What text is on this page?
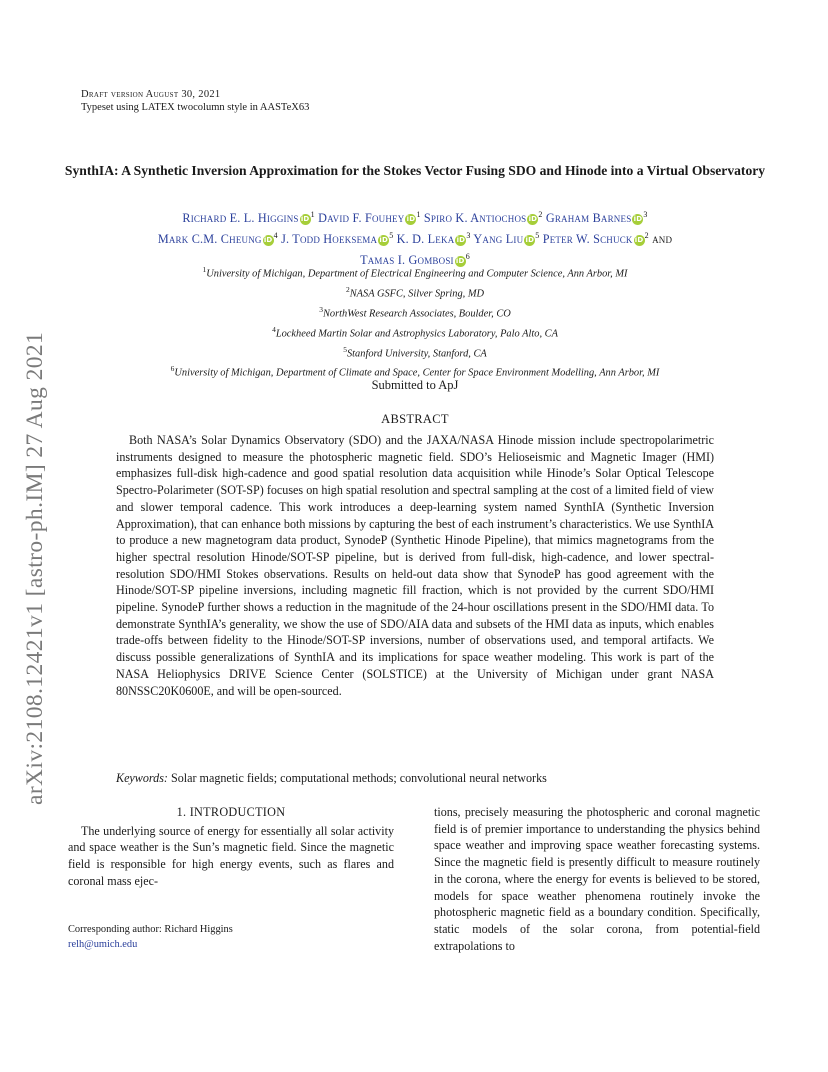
arXiv:2108.12421v1 [astro-ph.IM] 27 Aug 2021
Draft version August 30, 2021
Typeset using LATEX twocolumn style in AASTeX63
SynthIA: A Synthetic Inversion Approximation for the Stokes Vector Fusing SDO and Hinode into a Virtual Observatory
Richard E. L. Higgins $iD^1$ David F. Fouhey $iD^1$ Spiro K. Antiochos $iD^2$ Graham Barnes $iD^3$
Mark C.M. Cheung $iD^4$ J. Todd Hoeksema $iD^5$ K. D. Leka $iD^3$ Yang Liu $iD^5$ Peter W. Schuck $iD^2$ and
Tamas I. Gombosi $iD^6$
$^1$University of Michigan, Department of Electrical Engineering and Computer Science, Ann Arbor, MI
$^2$NASA GSFC, Silver Spring, MD
$^3$NorthWest Research Associates, Boulder, CO
$^4$Lockheed Martin Solar and Astrophysics Laboratory, Palo Alto, CA
$^5$Stanford University, Stanford, CA
$^6$University of Michigan, Department of Climate and Space, Center for Space Environment Modelling, Ann Arbor, MI
Submitted to ApJ
ABSTRACT

Both NASA’s Solar Dynamics Observatory (SDO) and the JAXA/NASA Hinode mission include spectropolarimetric instruments designed to measure the photospheric magnetic field. SDO’s Helioseismic and Magnetic Imager (HMI) emphasizes full-disk high-cadence and good spatial resolution data acquisition while Hinode’s Solar Optical Telescope Spectro-Polarimeter (SOT-SP) focuses on high spatial resolution and spectral sampling at the cost of a limited field of view and slower temporal cadence. This work introduces a deep-learning system named SynthIA (Synthetic Inversion Approximation), that can enhance both missions by capturing the best of each instrument’s characteristics. We use SynthIA to produce a new magnetogram data product, SynodeP (Synthetic Hinode Pipeline), that mimics magnetograms from the higher spectral resolution Hinode/SOT-SP pipeline, but is derived from full-disk, high-cadence, and lower spectral-resolution SDO/HMI Stokes observations. Results on held-out data show that SynodeP has good agreement with the Hinode/SOT-SP pipeline inversions, including magnetic fill fraction, which is not provided by the current SDO/HMI pipeline. SynodeP further shows a reduction in the magnitude of the 24-hour oscillations present in the SDO/HMI data. To demonstrate SynthIA’s generality, we show the use of SDO/AIA data and subsets of the HMI data as inputs, which enables trade-offs between fidelity to the Hinode/SOT-SP inversions, number of observations used, and temporal artifacts. We discuss possible generalizations of SynthIA and its implications for space weather modeling. This work is part of the NASA Heliophysics DRIVE Science Center (SOLSTICE) at the University of Michigan under grant NASA 80NSSC20K0600E, and will be open-sourced.

Keywords: Solar magnetic fields; computational methods; convolutional neural networks
1. INTRODUCTION

The underlying source of energy for essentially all solar activity and space weather is the Sun’s magnetic field. Since the magnetic field is responsible for high energy events, such as flares and coronal mass ejec-

Corresponding author: Richard Higgins
relh@umich.edu

tions, precisely measuring the photospheric and coronal magnetic field is of premier importance to understanding the physics behind space weather and improving space weather forecasting systems. Since the magnetic field is presently difficult to measure routinely in the corona, where the energy for events is believed to be stored, models for space weather phenomena routinely invoke the photospheric magnetic field as a boundary condition. Specifically, static models of the solar corona, from potential-field extrapolations to
